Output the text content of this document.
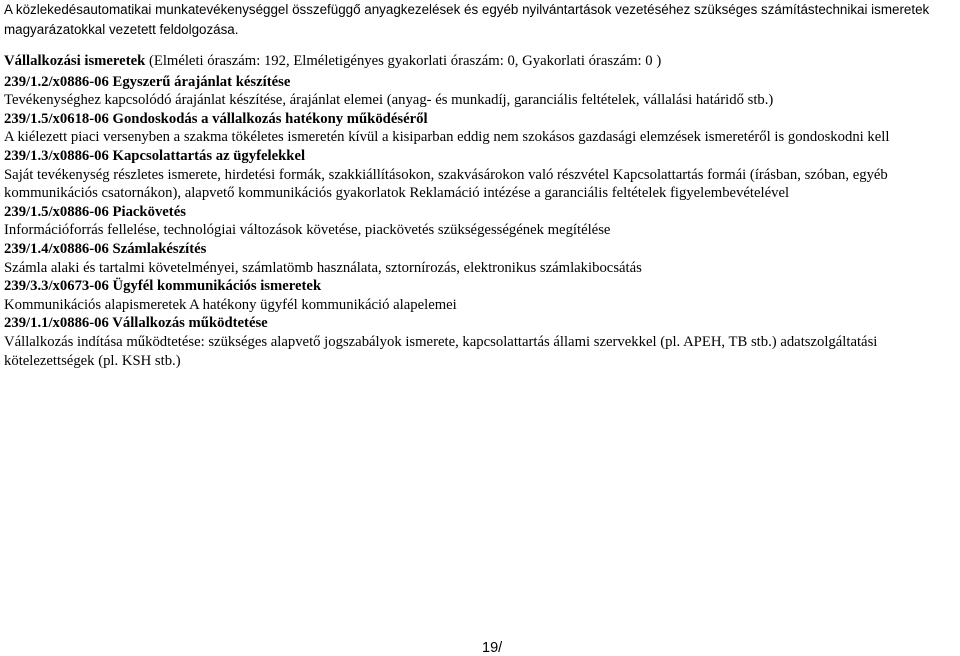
A közlekedésautomatikai munkatevékenységgel összefüggő anyagkezelések és egyéb nyilvántartások vezetéséhez szükséges számítástechnikai ismeretek magyarázatokkal vezetett feldolgozása.

Vállalkozási ismeretek (Elméleti óraszám: 192, Elméletigényes gyakorlati óraszám: 0, Gyakorlati óraszám: 0 )

239/1.2/x0886-06 Egyszerű árajánlat készítése

Tevékenységhez kapcsolódó árajánlat készítése, árajánlat elemei (anyag- és munkadíj, garanciális feltételek, vállalási határidő stb.)

239/1.5/x0618-06 Gondoskodás a vállalkozás hatékony működéséről

A kiélezett piaci versenyben a szakma tökéletes ismeretén kívül a kisiparban eddig nem szokásos gazdasági elemzések ismeretéről is gondoskodni kell

239/1.3/x0886-06 Kapcsolattartás az ügyfelekkel

Saját tevékenység részletes ismerete, hirdetési formák, szakkiállításokon, szakvásárokon való részvétel Kapcsolattartás formái (írásban, szóban, egyéb kommunikációs csatornákon), alapvető kommunikációs gyakorlatok Reklamáció intézése a garanciális feltételek figyelembevételével

239/1.5/x0886-06 Piackövetés

Információforrás fellelése, technológiai változások követése, piackövetés szükségességének megítélése

239/1.4/x0886-06 Számlakészítés

Számla alaki és tartalmi követelményei, számlatömb használata, sztornírozás, elektronikus számlakibocsátás

239/3.3/x0673-06 Ügyfél kommunikációs ismeretek

Kommunikációs alapismeretek A hatékony ügyfél kommunikáció alapelemei

239/1.1/x0886-06 Vállalkozás működtetése

Vállalkozás indítása működtetése: szükséges alapvető jogszabályok ismerete, kapcsolattartás állami szervekkel (pl. APEH, TB stb.) adatszolgáltatási kötelezettségek (pl. KSH stb.)

19/
